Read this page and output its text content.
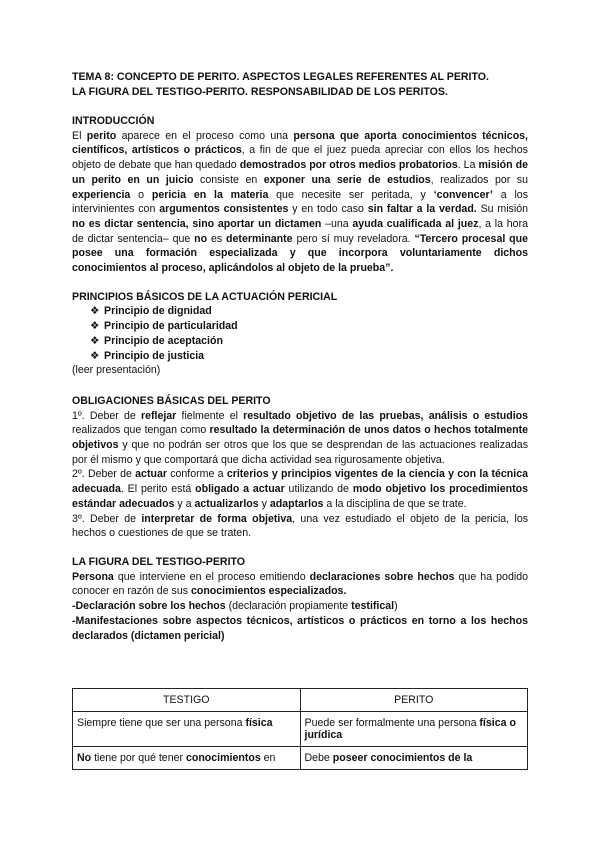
TEMA 8: CONCEPTO DE PERITO. ASPECTOS LEGALES REFERENTES AL PERITO.
LA FIGURA DEL TESTIGO-PERITO. RESPONSABILIDAD DE LOS PERITOS.
INTRODUCCIÓN

El perito aparece en el proceso como una persona que aporta conocimientos técnicos, científicos, artísticos o prácticos, a fin de que el juez pueda apreciar con ellos los hechos objeto de debate que han quedado demostrados por otros medios probatorios. La misión de un perito en un juicio consiste en exponer una serie de estudios, realizados por su experiencia o pericia en la materia que necesite ser peritada, y ‘convencer’ a los intervinientes con argumentos consistentes y en todo caso sin faltar a la verdad. Su misión no es dictar sentencia, sino aportar un dictamen –una ayuda cualificada al juez, a la hora de dictar sentencia– que no es determinante pero sí muy reveladora. “Tercero procesal que posee una formación especializada y que incorpora voluntariamente dichos conocimientos al proceso, aplicándolos al objeto de la prueba”.

PRINCIPIOS BÁSICOS DE LA ACTUACIÓN PERICIAL
❖ Principio de dignidad
❖ Principio de particularidad
❖ Principio de aceptación
❖ Principio de justicia
(leer presentación)
OBLIGACIONES BÁSICAS DEL PERITO

1º. Deber de reflejar fielmente el resultado objetivo de las pruebas, análisis o estudios realizados que tengan como resultado la determinación de unos datos o hechos totalmente objetivos y que no podrán ser otros que los que se desprendan de las actuaciones realizadas por él mismo y que comportará que dicha actividad sea rigurosamente objetiva.

2º. Deber de actuar conforme a criterios y principios vigentes de la ciencia y con la técnica adecuada. El perito está obligado a actuar utilizando de modo objetivo los procedimientos estándar adecuados y a actualizarlos y adaptarlos a la disciplina de que se trate.

3º. Deber de interpretar de forma objetiva, una vez estudiado el objeto de la pericia, los hechos o cuestiones de que se traten.

LA FIGURA DEL TESTIGO-PERITO

Persona que interviene en el proceso emitiendo declaraciones sobre hechos que ha podido conocer en razón de sus conocimientos especializados.

-Declaración sobre los hechos (declaración propiamente testifical)

-Manifestaciones sobre aspectos técnicos, artísticos o prácticos en torno a los hechos declarados (dictamen pericial)

TESTIGO	PERITO
Siempre tiene que ser una persona física	Puede ser formalmente una persona física o jurídica
No tiene por qué tener conocimientos en	Debe poseer conocimientos de la
